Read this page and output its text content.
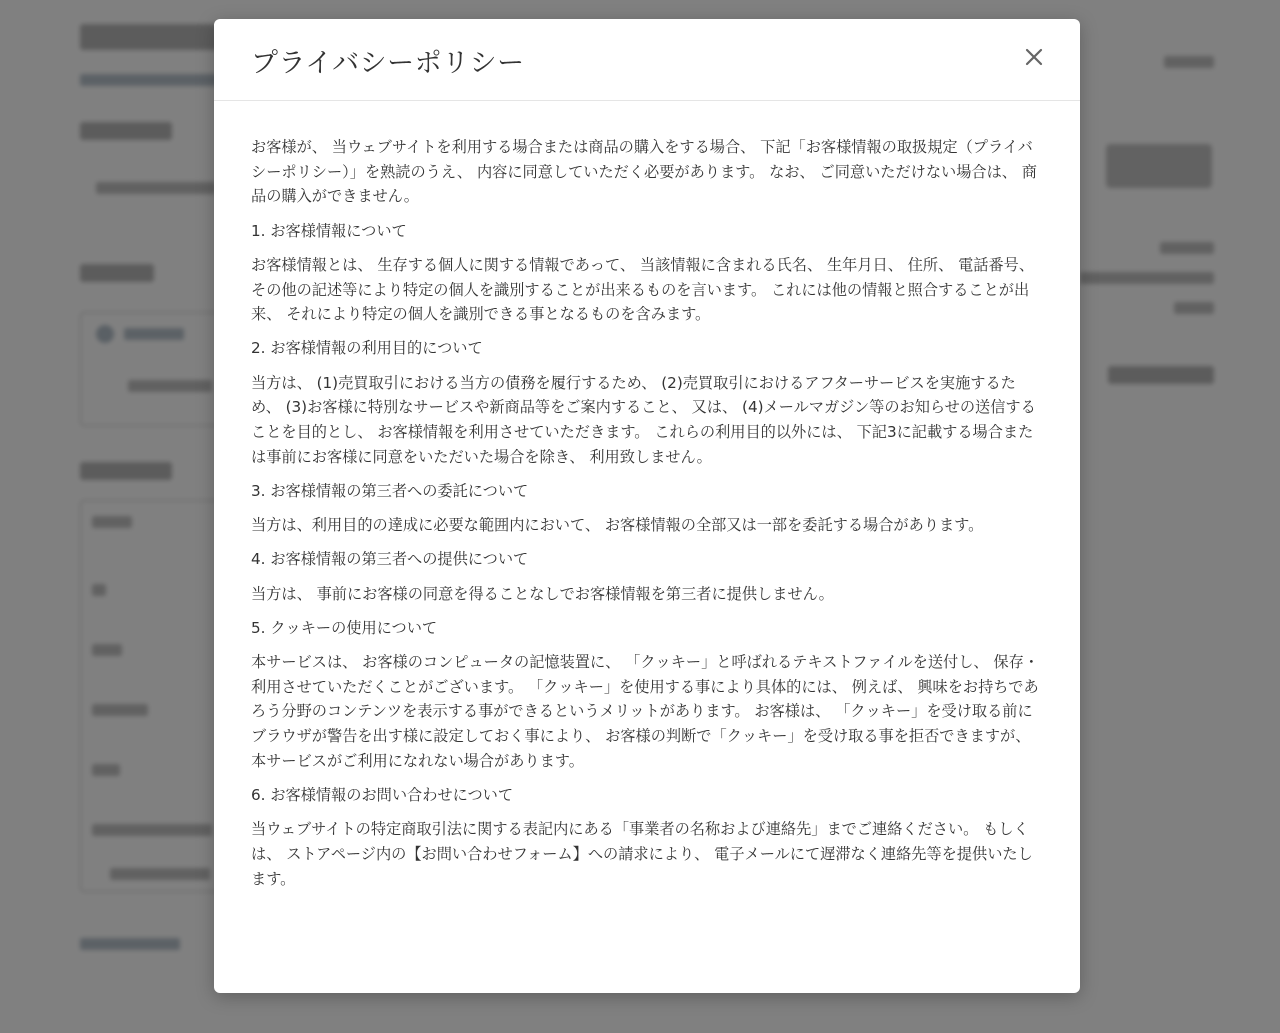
プライバシーポリシー

お客様が、 当ウェブサイトを利用する場合または商品の購入をする場合、 下記「お客様情報の取扱規定（プライバシーポリシー）」を熟読のうえ、 内容に同意していただく必要があります。 なお、 ご同意いただけない場合は、 商品の購入ができません。

1. お客様情報について

お客様情報とは、 生存する個人に関する情報であって、 当該情報に含まれる氏名、 生年月日、 住所、 電話番号、 その他の記述等により特定の個人を識別することが出来るものを言います。 これには他の情報と照合することが出来、 それにより特定の個人を識別できる事となるものを含みます。

2. お客様情報の利用目的について

当方は、 (1)売買取引における当方の債務を履行するため、 (2)売買取引におけるアフターサービスを実施するため、 (3)お客様に特別なサービスや新商品等をご案内すること、 又は、 (4)メールマガジン等のお知らせの送信することを目的とし、 お客様情報を利用させていただきます。 これらの利用目的以外には、 下記3に記載する場合または事前にお客様に同意をいただいた場合を除き、 利用致しません。

3. お客様情報の第三者への委託について

当方は、利用目的の達成に必要な範囲内において、 お客様情報の全部又は一部を委託する場合があります。

4. お客様情報の第三者への提供について

当方は、 事前にお客様の同意を得ることなしでお客様情報を第三者に提供しません。

5. クッキーの使用について

本サービスは、 お客様のコンピュータの記憶装置に、 「クッキー」と呼ばれるテキストファイルを送付し、 保存・利用させていただくことがございます。 「クッキー」を使用する事により具体的には、 例えば、 興味をお持ちであろう分野のコンテンツを表示する事ができるというメリットがあります。 お客様は、 「クッキー」を受け取る前にブラウザが警告を出す様に設定しておく事により、 お客様の判断で「クッキー」を受け取る事を拒否できますが、 本サービスがご利用になれない場合があります。

6. お客様情報のお問い合わせについて

当ウェブサイトの特定商取引法に関する表記内にある「事業者の名称および連絡先」までご連絡ください。 もしくは、 ストアページ内の【お問い合わせフォーム】への請求により、 電子メールにて遅滞なく連絡先等を提供いたします。
